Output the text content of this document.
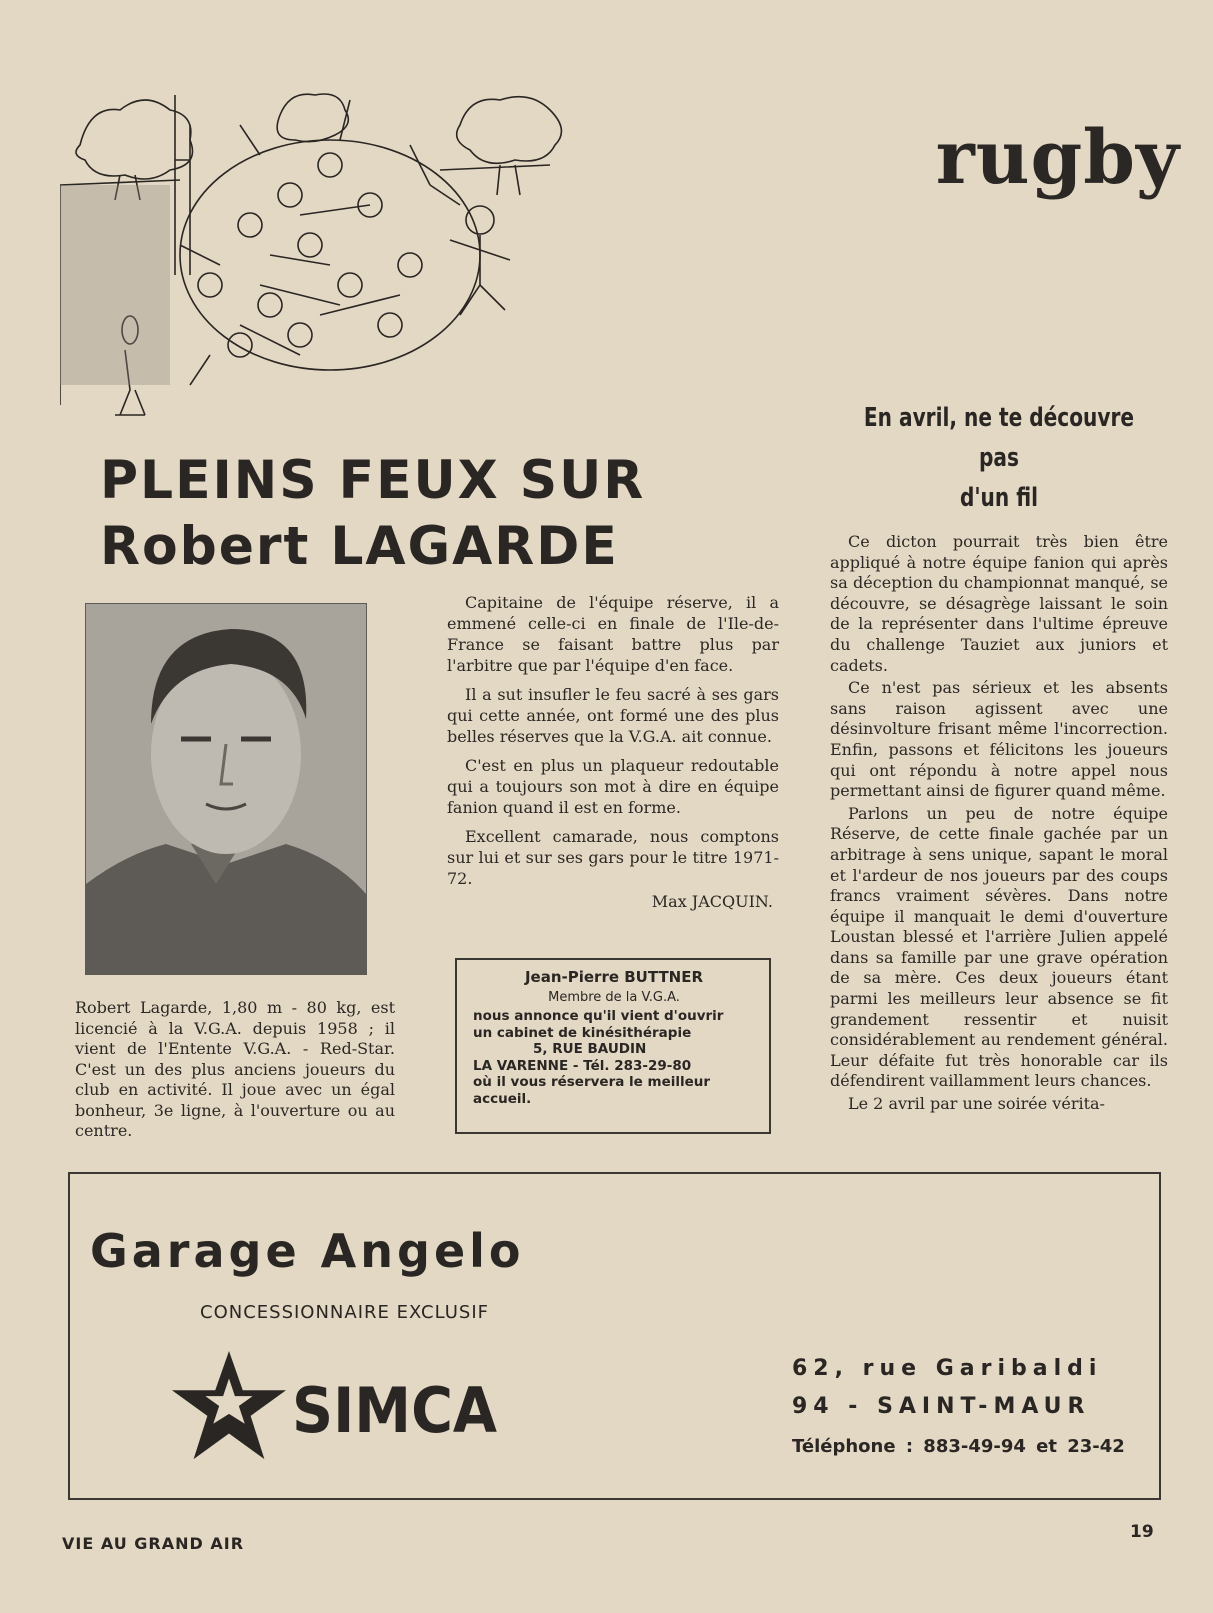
rugby
PLEINS FEUX SUR
Robert LAGARDE
Robert Lagarde, 1,80 m - 80 kg, est licencié à la V.G.A. depuis 1958 ; il vient de l'Entente V.G.A. - Red-Star. C'est un des plus anciens joueurs du club en activité. Il joue avec un égal bonheur, 3e ligne, à l'ouverture ou au centre.

Capitaine de l'équipe réserve, il a emmené celle-ci en finale de l'Ile-de-France se faisant battre plus par l'arbitre que par l'équipe d'en face.

Il a sut insufler le feu sacré à ses gars qui cette année, ont formé une des plus belles réserves que la V.G.A. ait connue.

C'est en plus un plaqueur redoutable qui a toujours son mot à dire en équipe fanion quand il est en forme.

Excellent camarade, nous comptons sur lui et sur ses gars pour le titre 1971-72.

Max JACQUIN.
Jean-Pierre BUTTNER
Membre de la V.G.A.
nous annonce qu'il vient d'ouvrir
un cabinet de kinésithérapie
5, RUE BAUDIN
LA VARENNE - Tél. 283-29-80
où il vous réservera le meilleur
accueil.
En avril, ne te découvre pas
d'un fil

Ce dicton pourrait très bien être appliqué à notre équipe fanion qui après sa déception du championnat manqué, se découvre, se désagrège laissant le soin de la représenter dans l'ultime épreuve du challenge Tauziet aux juniors et cadets.

Ce n'est pas sérieux et les absents sans raison agissent avec une désinvolture frisant même l'incorrection. Enfin, passons et félicitons les joueurs qui ont répondu à notre appel nous permettant ainsi de figurer quand même.

Parlons un peu de notre équipe Réserve, de cette finale gachée par un arbitrage à sens unique, sapant le moral et l'ardeur de nos joueurs par des coups francs vraiment sévères. Dans notre équipe il manquait le demi d'ouverture Loustan blessé et l'arrière Julien appelé dans sa famille par une grave opération de sa mère. Ces deux joueurs étant parmi les meilleurs leur absence se fit grandement ressentir et nuisit considérablement au rendement général. Leur défaite fut très honorable car ils défendirent vaillamment leurs chances.

Le 2 avril par une soirée vérita-

Garage Angelo
CONCESSIONNAIRE EXCLUSIF
SIMCA
62, rue Garibaldi
94 - SAINT-MAUR
Téléphone : 883-49-94 et 23-42
VIE AU GRAND AIR
19
